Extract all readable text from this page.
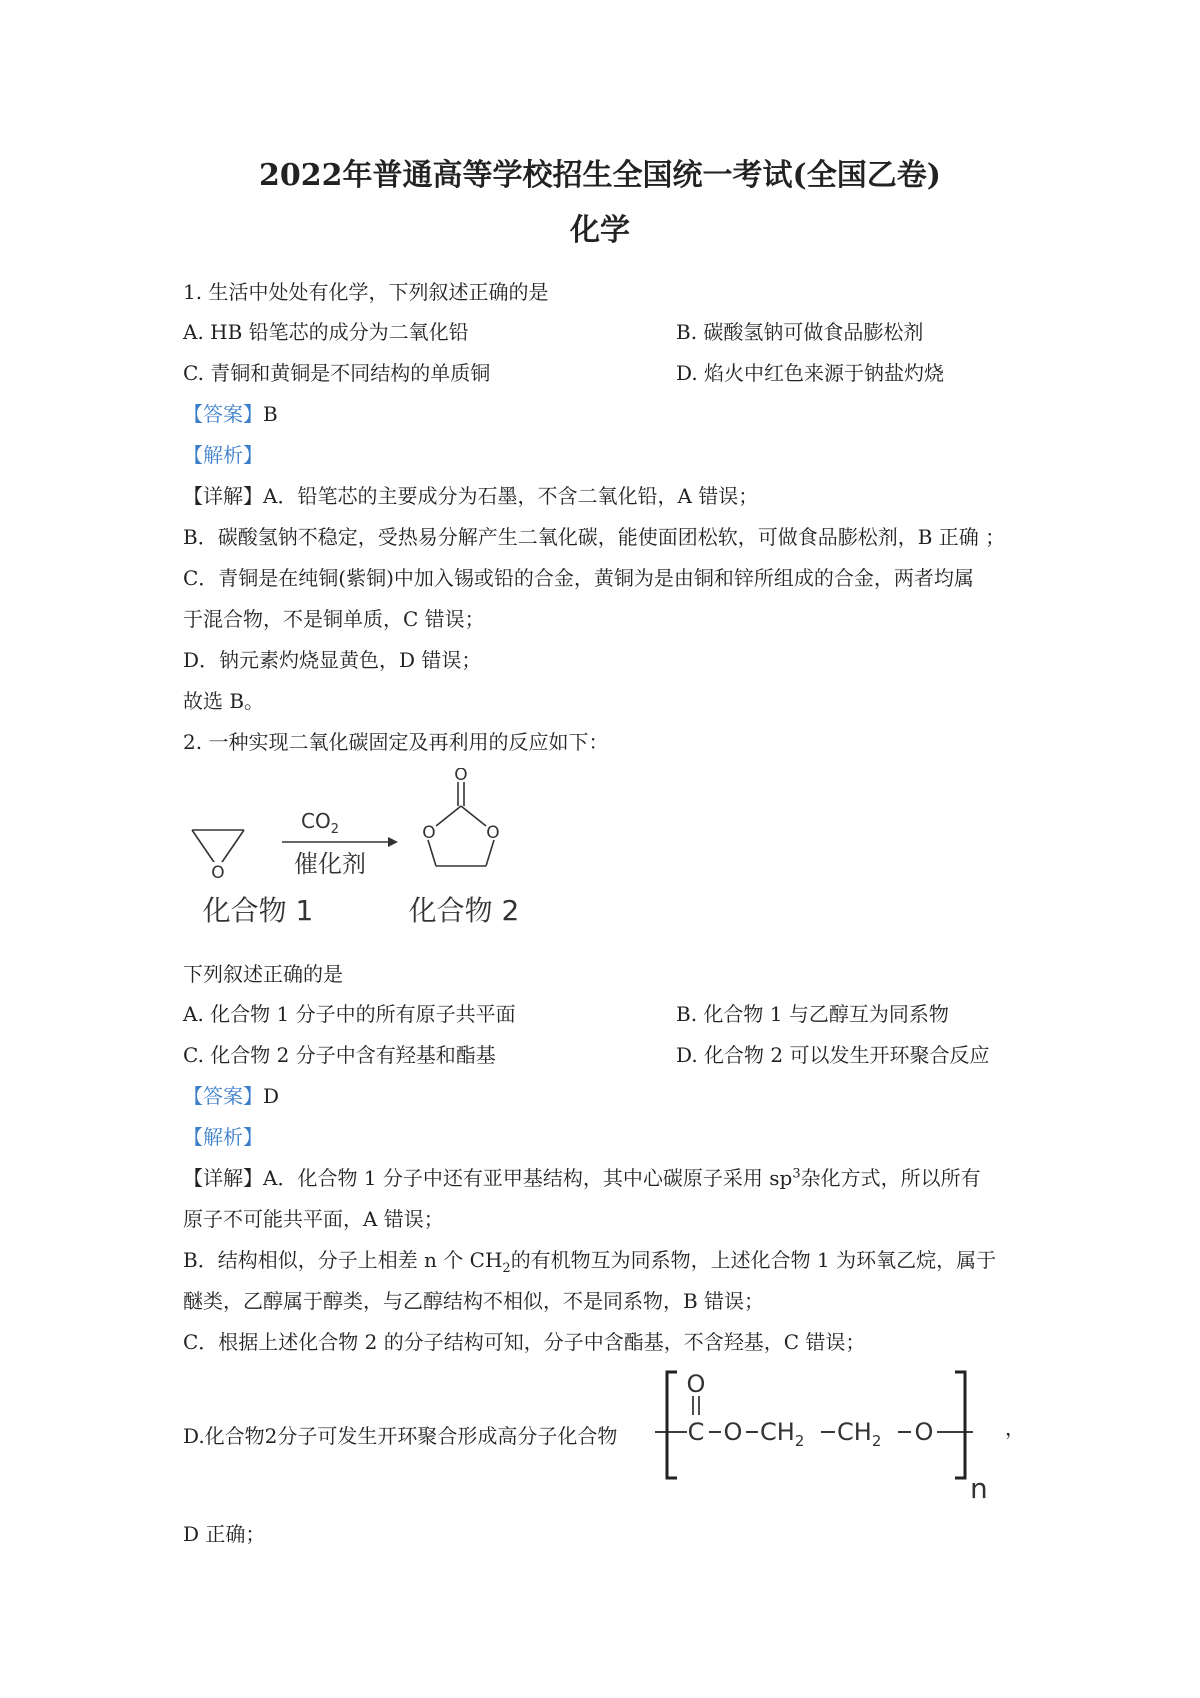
2022年普通高等学校招生全国统一考试(全国乙卷)
化学
1. 生活中处处有化学，下列叙述正确的是
A. HB 铅笔芯的成分为二氧化铅	B. 碳酸氢钠可做食品膨松剂
C. 青铜和黄铜是不同结构的单质铜	D. 焰火中红色来源于钠盐灼烧
【答案】B
【解析】
【详解】A．铅笔芯的主要成分为石墨，不含二氧化铅，A 错误；
B．碳酸氢钠不稳定，受热易分解产生二氧化碳，能使面团松软，可做食品膨松剂，B 正确 ；
C．青铜是在纯铜(紫铜)中加入锡或铅的合金，黄铜为是由铜和锌所组成的合金，两者均属
于混合物，不是铜单质，C 错误；
D．钠元素灼烧显黄色，D 错误；
故选 B。
2. 一种实现二氧化碳固定及再利用的反应如下：
O
$CO_2$
催化剂
O
O	O
化合物 1	化合物 2
下列叙述正确的是
A. 化合物 1 分子中的所有原子共平面	B. 化合物 1 与乙醇互为同系物
C. 化合物 2 分子中含有羟基和酯基	D. 化合物 2 可以发生开环聚合反应
【答案】D
【解析】
【详解】A．化合物 1 分子中还有亚甲基结构，其中心碳原子采用 $sp^3$杂化方式，所以所有
原子不可能共平面，A 错误；
B．结构相似，分子上相差 n 个 $CH_2$的有机物互为同系物，上述化合物 1 为环氧乙烷，属于
醚类，乙醇属于醇类，与乙醇结构不相似，不是同系物，B 错误；
C．根据上述化合物 2 的分子结构可知，分子中含酯基，不含羟基，C 错误；
D.化合物2分子可发生开环聚合形成高分子化合物
O
C O $CH_2$ $CH_2$ O
n
，
D 正确；
